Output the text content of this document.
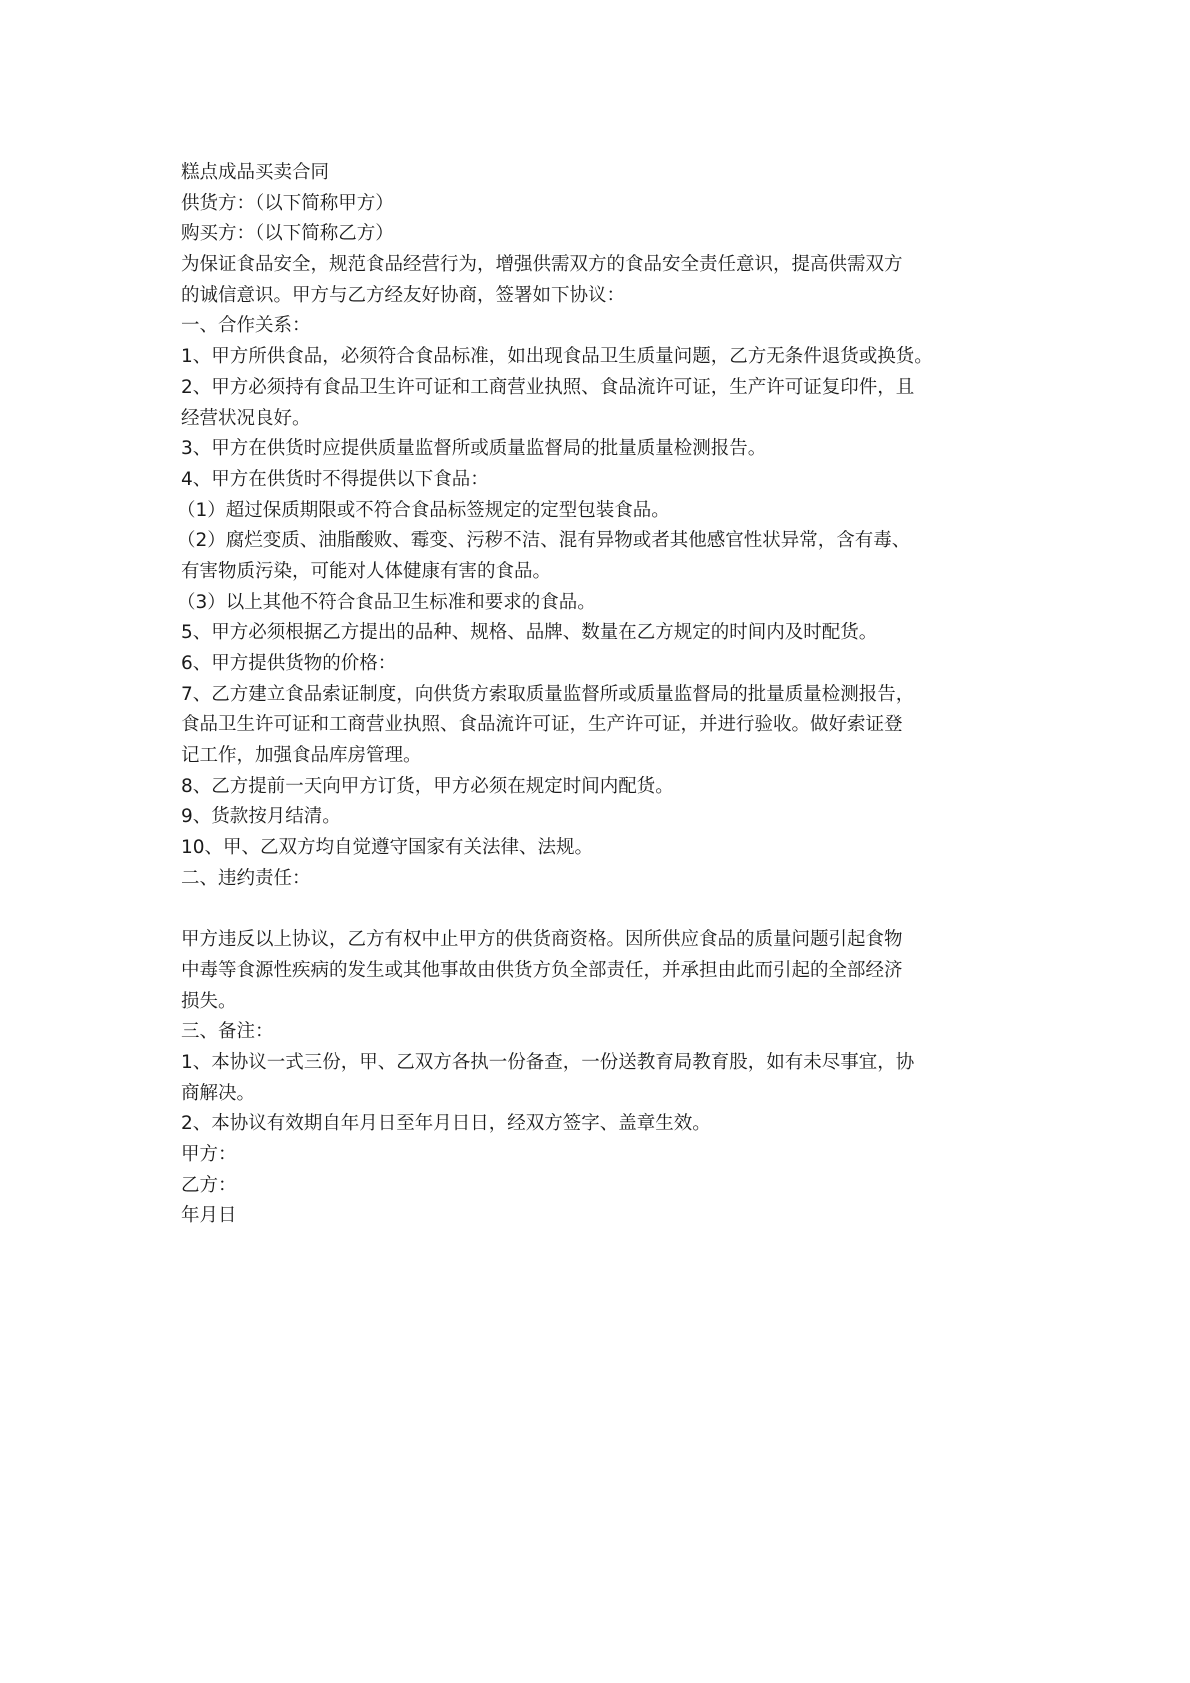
糕点成品买卖合同
供货方：（以下简称甲方）
购买方：（以下简称乙方）
为保证食品安全，规范食品经营行为，增强供需双方的食品安全责任意识，提高供需双方
的诚信意识。甲方与乙方经友好协商，签署如下协议：
一、合作关系：
1、甲方所供食品，必须符合食品标准，如出现食品卫生质量问题，乙方无条件退货或换货。
2、甲方必须持有食品卫生许可证和工商营业执照、食品流许可证，生产许可证复印件，且
经营状况良好。
3、甲方在供货时应提供质量监督所或质量监督局的批量质量检测报告。
4、甲方在供货时不得提供以下食品：
（1）超过保质期限或不符合食品标签规定的定型包装食品。
（2）腐烂变质、油脂酸败、霉变、污秽不洁、混有异物或者其他感官性状异常，含有毒、
有害物质污染，可能对人体健康有害的食品。
（3）以上其他不符合食品卫生标准和要求的食品。
5、甲方必须根据乙方提出的品种、规格、品牌、数量在乙方规定的时间内及时配货。
6、甲方提供货物的价格：
7、乙方建立食品索证制度，向供货方索取质量监督所或质量监督局的批量质量检测报告，
食品卫生许可证和工商营业执照、食品流许可证，生产许可证，并进行验收。做好索证登
记工作，加强食品库房管理。
8、乙方提前一天向甲方订货，甲方必须在规定时间内配货。
9、货款按月结清。
10、甲、乙双方均自觉遵守国家有关法律、法规。
二、违约责任：
甲方违反以上协议，乙方有权中止甲方的供货商资格。因所供应食品的质量问题引起食物
中毒等食源性疾病的发生或其他事故由供货方负全部责任，并承担由此而引起的全部经济
损失。
三、备注：
1、本协议一式三份，甲、乙双方各执一份备查，一份送教育局教育股，如有未尽事宜，协
商解决。
2、本协议有效期自年月日至年月日日，经双方签字、盖章生效。
甲方：
乙方：
年月日
